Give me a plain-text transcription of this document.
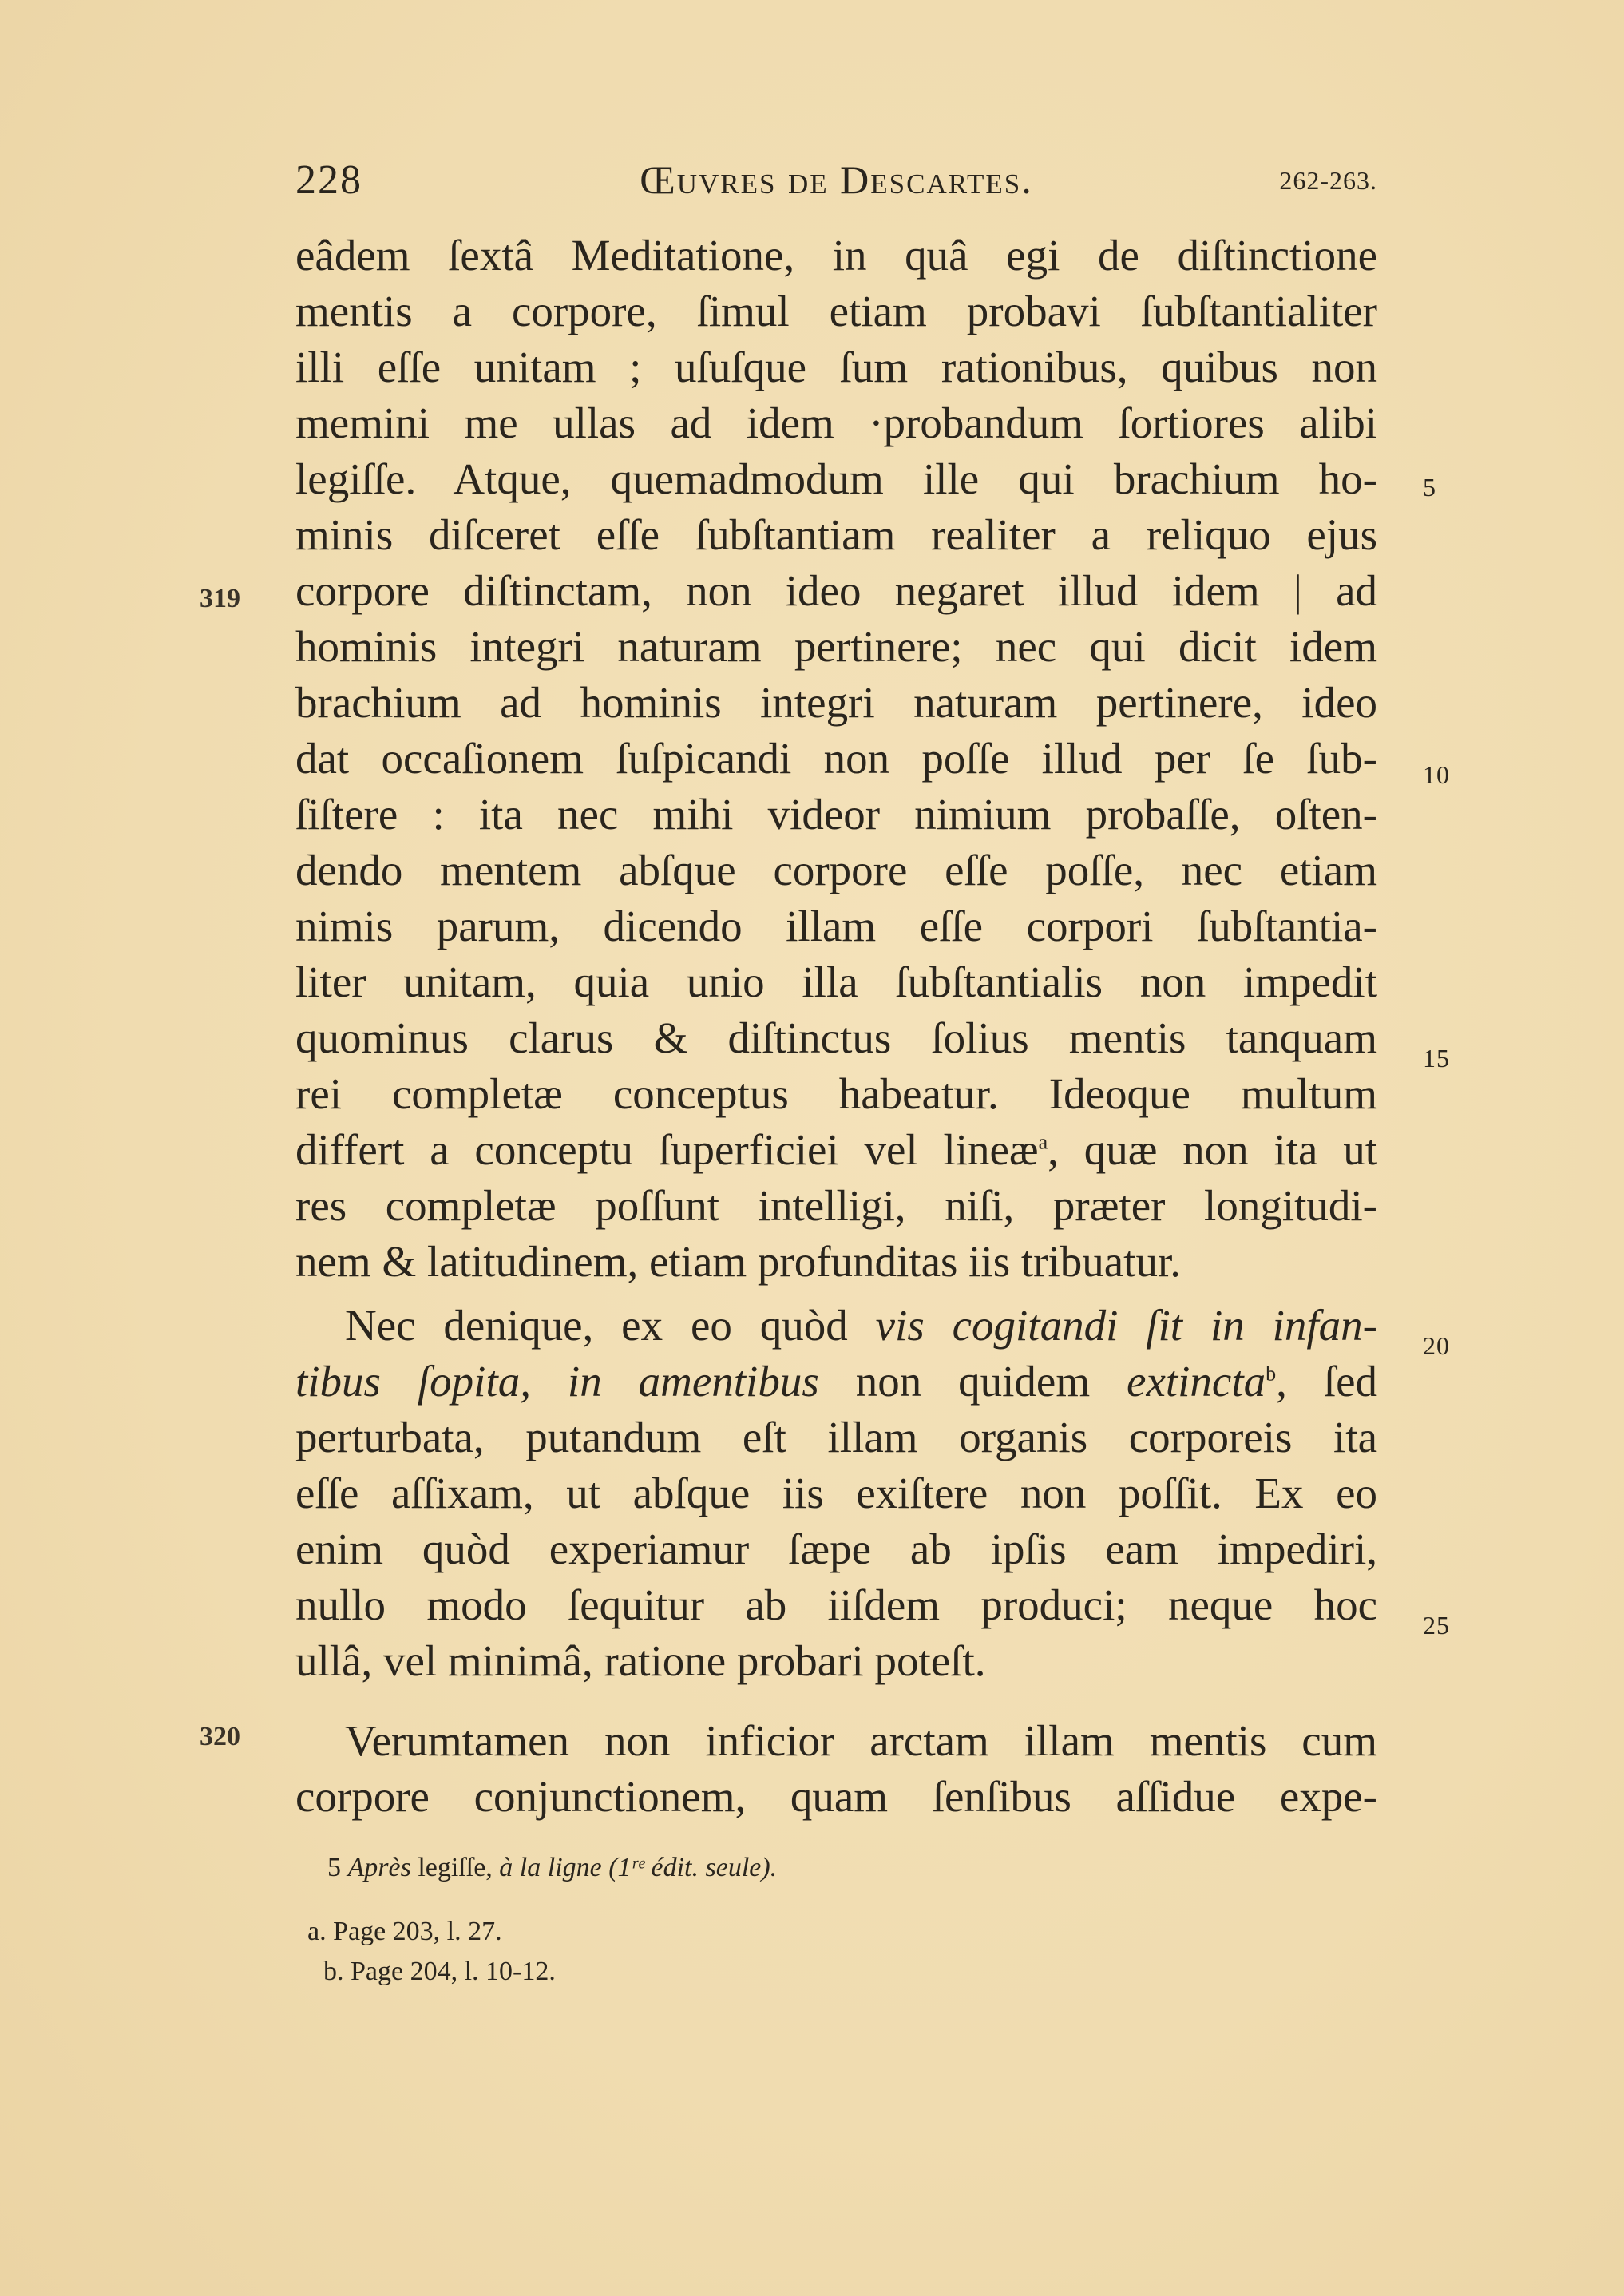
228	Œuvres de Descartes.	262-263.
eâdem ſextâ Meditatione, in quâ egi de diſtinctione
mentis a corpore, ſimul etiam probavi ſubſtantialiter
illi eſſe unitam ; uſuſque ſum rationibus, quibus non
memini me ullas ad idem ·probandum ſortiores alibi
legiſſe. Atque, quemadmodum ille qui brachium ho-
minis diſceret eſſe ſubſtantiam realiter a reliquo ejus
corpore diſtinctam, non ideo negaret illud idem | ad
hominis integri naturam pertinere; nec qui dicit idem
brachium ad hominis integri naturam pertinere, ideo
dat occaſionem ſuſpicandi non poſſe illud per ſe ſub-
ſiſtere : ita nec mihi videor nimium probaſſe, oſten-
dendo mentem abſque corpore eſſe poſſe, nec etiam
nimis parum, dicendo illam eſſe corpori ſubſtantia-
liter unitam, quia unio illa ſubſtantialis non impedit
quominus clarus & diſtinctus ſolius mentis tanquam
rei completæ conceptus habeatur. Ideoque multum
differt a conceptu ſuperficiei vel lineæ$^a$, quæ non ita ut
res completæ poſſunt intelligi, niſi, præter longitudi-
nem & latitudinem, etiam profunditas iis tribuatur.
Nec denique, ex eo quòd vis cogitandi ſit in infan-
tibus ſopita, in amentibus non quidem extincta$^b$, ſed
perturbata, putandum eſt illam organis corporeis ita
eſſe aſſixam, ut abſque iis exiſtere non poſſit. Ex eo
enim quòd experiamur ſæpe ab ipſis eam impediri,
nullo modo ſequitur ab iiſdem produci; neque hoc
ullâ, vel minimâ, ratione probari poteſt.
Verumtamen non inficior arctam illam mentis cum
corpore conjunctionem, quam ſenſibus aſſidue expe-
5
10
15
20
25
319
320
5 Après legiſſe, à la ligne (1ʳᵉ édit. seule).
a. Page 203, l. 27.
b. Page 204, l. 10-12.
